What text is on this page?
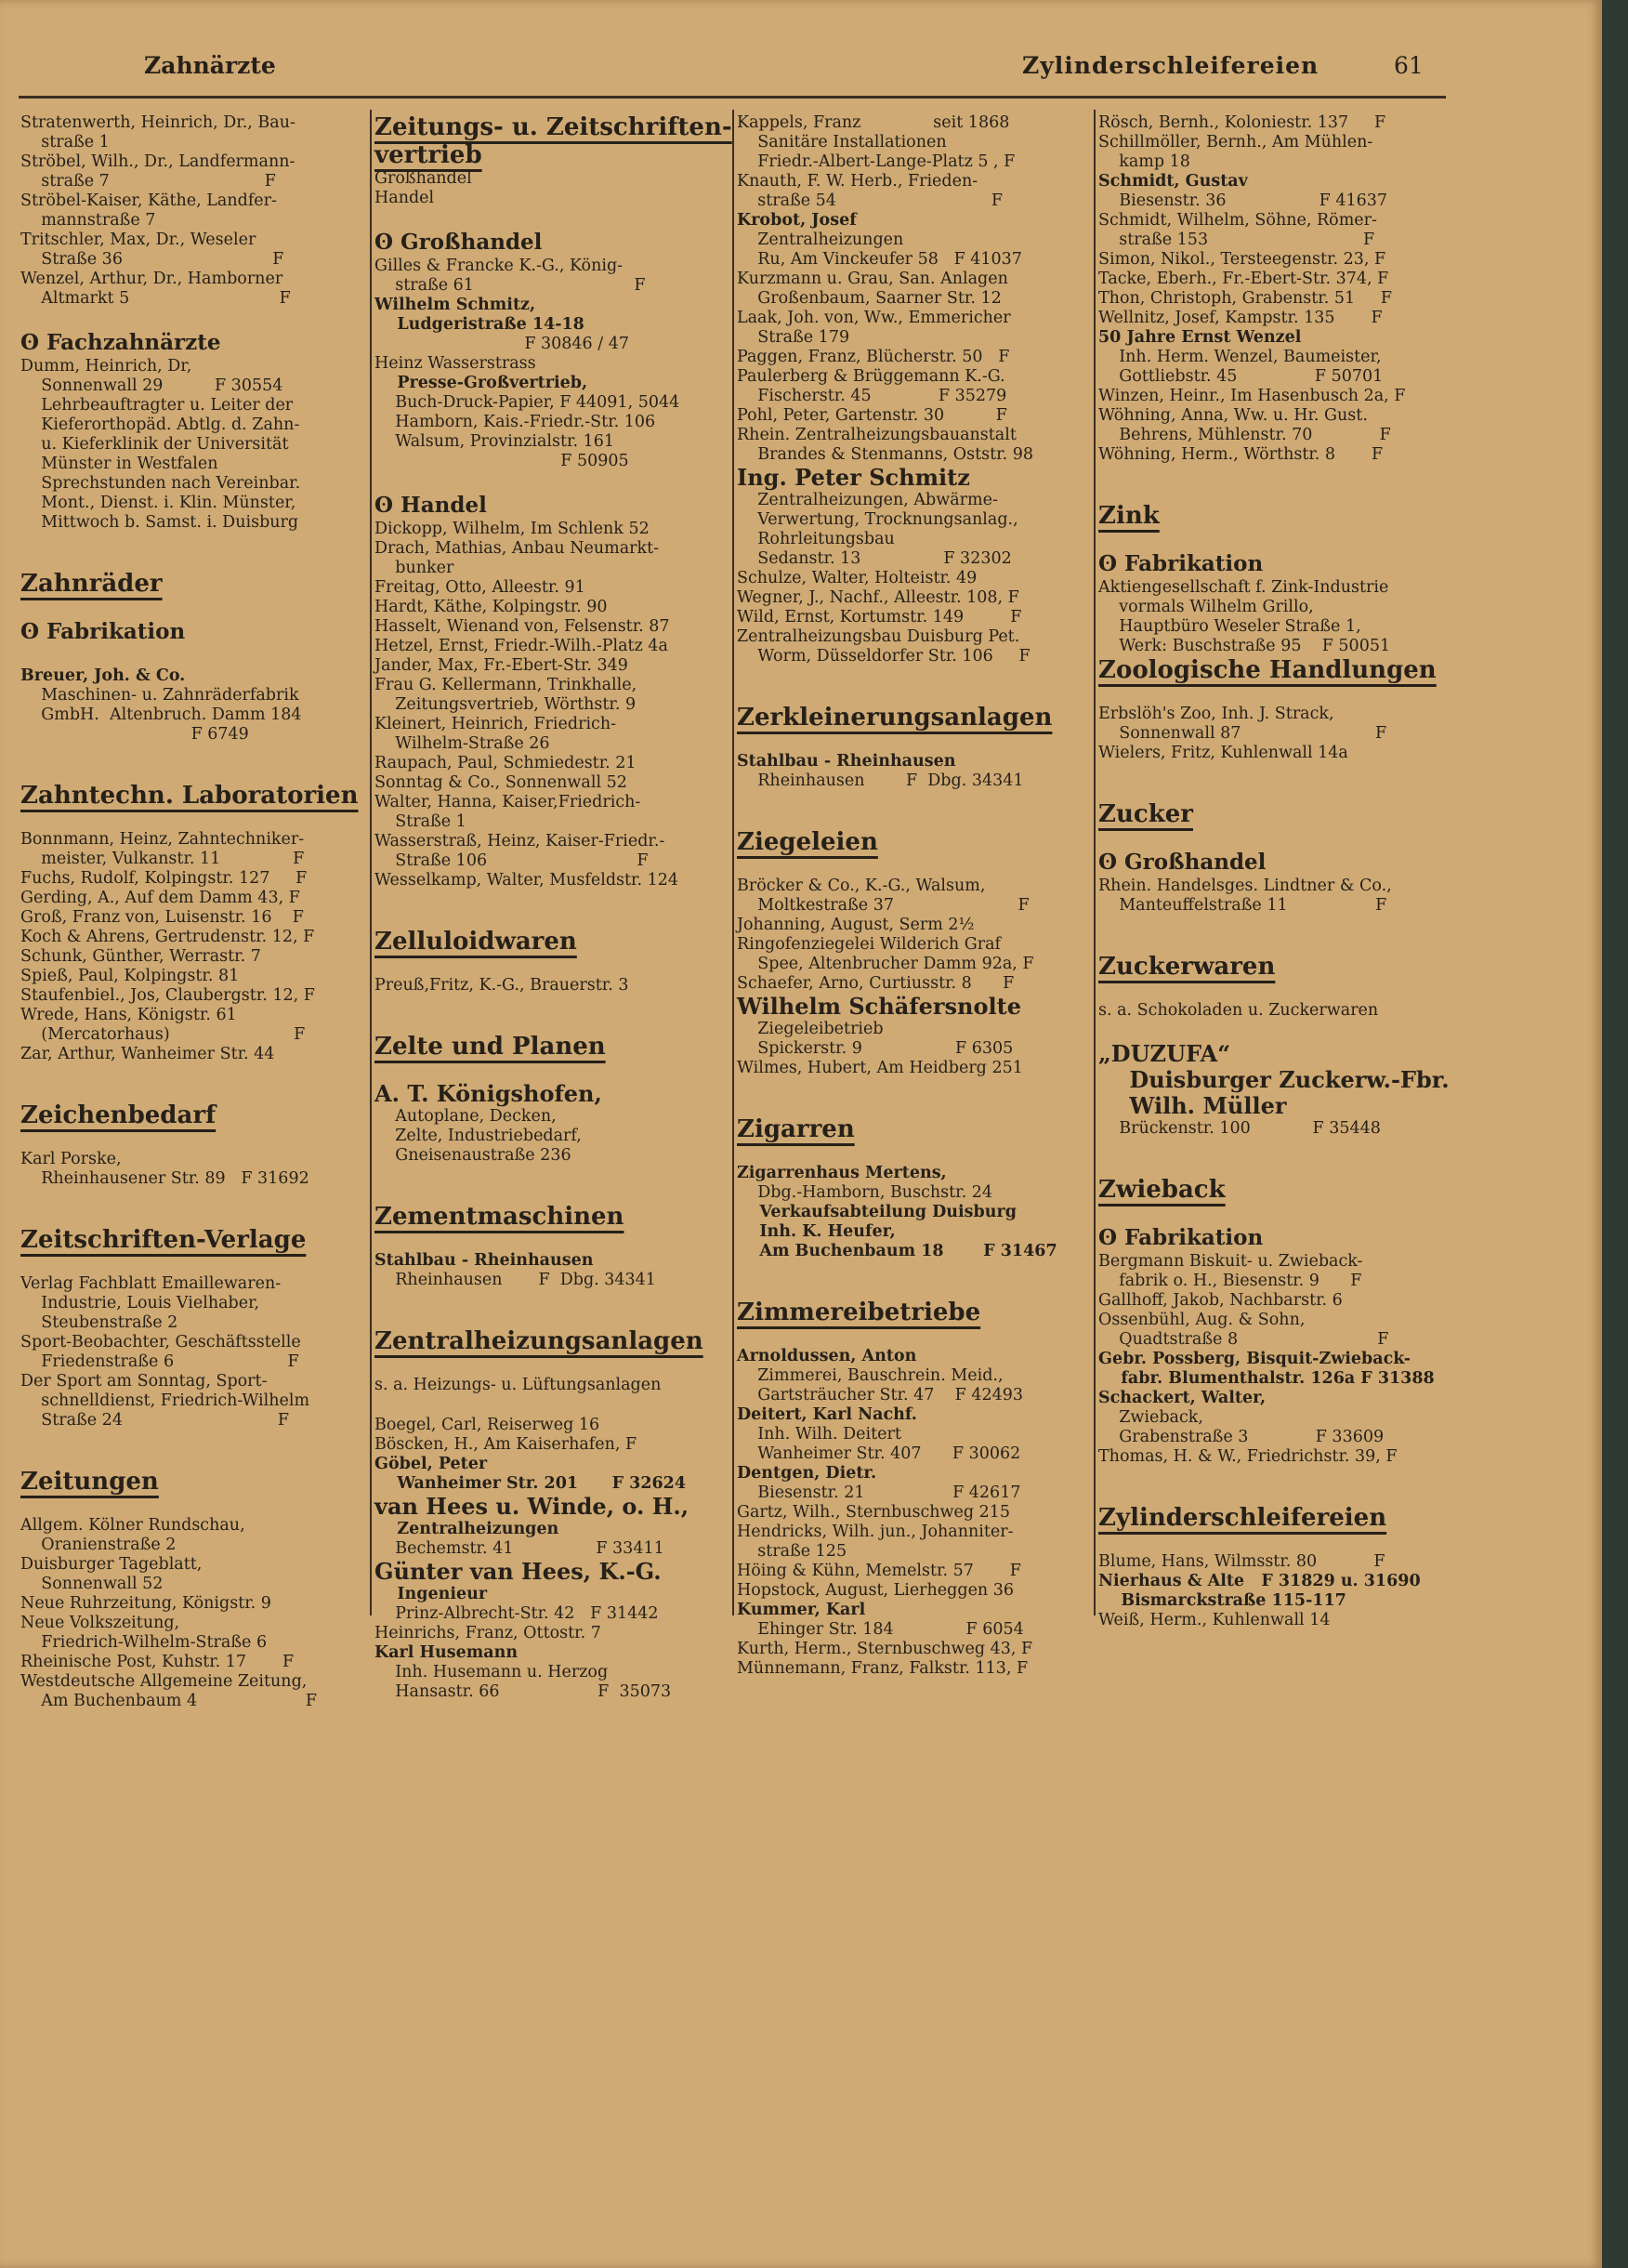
Zahnärzte	Zylinderschleifereien	61
Stratenwerth, Heinrich, Dr., Bau-
straße 1
Ströbel, Wilh., Dr., Landfermann-
straße 7                              F
Ströbel-Kaiser, Käthe, Landfer-
mannstraße 7
Tritschler, Max, Dr., Weseler
Straße 36                             F
Wenzel, Arthur, Dr., Hamborner
Altmarkt 5                             F
ʘ Fachzahnärzte
Dumm, Heinrich, Dr,
Sonnenwall 29          F 30554
Lehrbeauftragter u. Leiter der
Kieferorthopäd. Abtlg. d. Zahn-
u. Kieferklinik der Universität
Münster in Westfalen
Sprechstunden nach Vereinbar.
Mont., Dienst. i. Klin. Münster,
Mittwoch b. Samst. i. Duisburg
Zahnräder
ʘ Fabrikation
Breuer, Joh. & Co.
Maschinen- u. Zahnräderfabrik
GmbH.  Altenbruch. Damm 184
F 6749
Zahntechn. Laboratorien
Bonnmann, Heinz, Zahntechniker-
meister, Vulkanstr. 11              F
Fuchs, Rudolf, Kolpingstr. 127     F
Gerding, A., Auf dem Damm 43, F
Groß, Franz von, Luisenstr. 16    F
Koch & Ahrens, Gertrudenstr. 12, F
Schunk, Günther, Werrastr. 7
Spieß, Paul, Kolpingstr. 81
Staufenbiel., Jos, Claubergstr. 12, F
Wrede, Hans, Königstr. 61
(Mercatorhaus)                        F
Zar, Arthur, Wanheimer Str. 44
Zeichenbedarf
Karl Porske,
Rheinhausener Str. 89   F 31692
Zeitschriften-Verlage
Verlag Fachblatt Emaillewaren-
Industrie, Louis Vielhaber,
Steubenstraße 2
Sport-Beobachter, Geschäftsstelle
Friedenstraße 6                      F
Der Sport am Sonntag, Sport-
schnelldienst, Friedrich-Wilhelm
Straße 24                              F
Zeitungen
Allgem. Kölner Rundschau,
Oranienstraße 2
Duisburger Tageblatt,
Sonnenwall 52
Neue Ruhrzeitung, Königstr. 9
Neue Volkszeitung,
Friedrich-Wilhelm-Straße 6
Rheinische Post, Kuhstr. 17       F
Westdeutsche Allgemeine Zeitung,
Am Buchenbaum 4                     F
Zeitungs- u. Zeitschriften-
vertrieb
Großhandel
Handel
ʘ Großhandel
Gilles & Francke K.-G., König-
straße 61                               F
Wilhelm Schmitz,
Ludgeristraße 14-18
F 30846 / 47
Heinz Wasserstrass
Presse-Großvertrieb,
Buch-Druck-Papier, F 44091, 5044
Hamborn, Kais.-Friedr.-Str. 106
Walsum, Provinzialstr. 161
F 50905
ʘ Handel
Dickopp, Wilhelm, Im Schlenk 52
Drach, Mathias, Anbau Neumarkt-
bunker
Freitag, Otto, Alleestr. 91
Hardt, Käthe, Kolpingstr. 90
Hasselt, Wienand von, Felsenstr. 87
Hetzel, Ernst, Friedr.-Wilh.-Platz 4a
Jander, Max, Fr.-Ebert-Str. 349
Frau G. Kellermann, Trinkhalle,
Zeitungsvertrieb, Wörthstr. 9
Kleinert, Heinrich, Friedrich-
Wilhelm-Straße 26
Raupach, Paul, Schmiedestr. 21
Sonntag & Co., Sonnenwall 52
Walter, Hanna, Kaiser,Friedrich-
Straße 1
Wasserstraß, Heinz, Kaiser-Friedr.-
Straße 106                             F
Wesselkamp, Walter, Musfeldstr. 124
Zelluloidwaren
Preuß,Fritz, K.-G., Brauerstr. 3
Zelte und Planen
A. T. Königshofen,
Autoplane, Decken,
Zelte, Industriebedarf,
Gneisenaustraße 236
Zementmaschinen
Stahlbau - Rheinhausen
Rheinhausen       F  Dbg. 34341
Zentralheizungsanlagen
s. a. Heizungs- u. Lüftungsanlagen
Boegel, Carl, Reiserweg 16
Böscken, H., Am Kaiserhafen, F
Göbel, Peter
Wanheimer Str. 201      F 32624
van Hees u. Winde, o. H.,
Zentralheizungen
Bechemstr. 41                F 33411
Günter van Hees, K.-G.
Ingenieur
Prinz-Albrecht-Str. 42   F 31442
Heinrichs, Franz, Ottostr. 7
Karl Husemann
Inh. Husemann u. Herzog
Hansastr. 66                   F  35073
Kappels, Franz              seit 1868
Sanitäre Installationen
Friedr.-Albert-Lange-Platz 5 , F
Knauth, F. W. Herb., Frieden-
straße 54                              F
Krobot, Josef
Zentralheizungen
Ru, Am Vinckeufer 58   F 41037
Kurzmann u. Grau, San. Anlagen
Großenbaum, Saarner Str. 12
Laak, Joh. von, Ww., Emmericher
Straße 179
Paggen, Franz, Blücherstr. 50   F
Paulerberg & Brüggemann K.-G.
Fischerstr. 45             F 35279
Pohl, Peter, Gartenstr. 30          F
Rhein. Zentralheizungsbauanstalt
Brandes & Stenmanns, Oststr. 98
Ing. Peter Schmitz
Zentralheizungen, Abwärme-
Verwertung, Trocknungsanlag.,
Rohrleitungsbau
Sedanstr. 13                F 32302
Schulze, Walter, Holteistr. 49
Wegner, J., Nachf., Alleestr. 108, F
Wild, Ernst, Kortumstr. 149         F
Zentralheizungsbau Duisburg Pet.
Worm, Düsseldorfer Str. 106     F
Zerkleinerungsanlagen
Stahlbau - Rheinhausen
Rheinhausen        F  Dbg. 34341
Ziegeleien
Bröcker & Co., K.-G., Walsum,
Moltkestraße 37                        F
Johanning, August, Serm 2½
Ringofenziegelei Wilderich Graf
Spee, Altenbrucher Damm 92a, F
Schaefer, Arno, Curtiusstr. 8      F
Wilhelm Schäfersnolte
Ziegeleibetrieb
Spickerstr. 9                  F 6305
Wilmes, Hubert, Am Heidberg 251
Zigarren
Zigarrenhaus Mertens,
Dbg.-Hamborn, Buschstr. 24
Verkaufsabteilung Duisburg
Inh. K. Heufer,
Am Buchenbaum 18       F 31467
Zimmereibetriebe
Arnoldussen, Anton
Zimmerei, Bauschrein. Meid.,
Gartsträucher Str. 47    F 42493
Deitert, Karl Nachf.
Inh. Wilh. Deitert
Wanheimer Str. 407      F 30062
Dentgen, Dietr.
Biesenstr. 21                 F 42617
Gartz, Wilh., Sternbuschweg 215
Hendricks, Wilh. jun., Johanniter-
straße 125
Höing & Kühn, Memelstr. 57       F
Hopstock, August, Lierheggen 36
Kummer, Karl
Ehinger Str. 184              F 6054
Kurth, Herm., Sternbuschweg 43, F
Münnemann, Franz, Falkstr. 113, F
Rösch, Bernh., Koloniestr. 137     F
Schillmöller, Bernh., Am Mühlen-
kamp 18
Schmidt, Gustav
Biesenstr. 36                  F 41637
Schmidt, Wilhelm, Söhne, Römer-
straße 153                              F
Simon, Nikol., Tersteegenstr. 23, F
Tacke, Eberh., Fr.-Ebert-Str. 374, F
Thon, Christoph, Grabenstr. 51     F
Wellnitz, Josef, Kampstr. 135       F
50 Jahre Ernst Wenzel
Inh. Herm. Wenzel, Baumeister,
Gottliebstr. 45               F 50701
Winzen, Heinr., Im Hasenbusch 2a, F
Wöhning, Anna, Ww. u. Hr. Gust.
Behrens, Mühlenstr. 70             F
Wöhning, Herm., Wörthstr. 8       F
Zink
ʘ Fabrikation
Aktiengesellschaft f. Zink-Industrie
vormals Wilhelm Grillo,
Hauptbüro Weseler Straße 1,
Werk: Buschstraße 95    F 50051
Zoologische Handlungen
Erbslöh's Zoo, Inh. J. Strack,
Sonnenwall 87                          F
Wielers, Fritz, Kuhlenwall 14a
Zucker
ʘ Großhandel
Rhein. Handelsges. Lindtner & Co.,
Manteuffelstraße 11                 F
Zuckerwaren
s. a. Schokoladen u. Zuckerwaren
„DUZUFA“
Duisburger Zuckerw.-Fbr.
Wilh. Müller
Brückenstr. 100            F 35448
Zwieback
ʘ Fabrikation
Bergmann Biskuit- u. Zwieback-
fabrik o. H., Biesenstr. 9      F
Gallhoff, Jakob, Nachbarstr. 6
Ossenbühl, Aug. & Sohn,
Quadtstraße 8                           F
Gebr. Possberg, Bisquit-Zwieback-
fabr. Blumenthalstr. 126a F 31388
Schackert, Walter,
Zwieback,
Grabenstraße 3             F 33609
Thomas, H. & W., Friedrichstr. 39, F
Zylinderschleifereien
Blume, Hans, Wilmsstr. 80           F
Nierhaus & Alte   F 31829 u. 31690
Bismarckstraße 115-117
Weiß, Herm., Kuhlenwall 14
